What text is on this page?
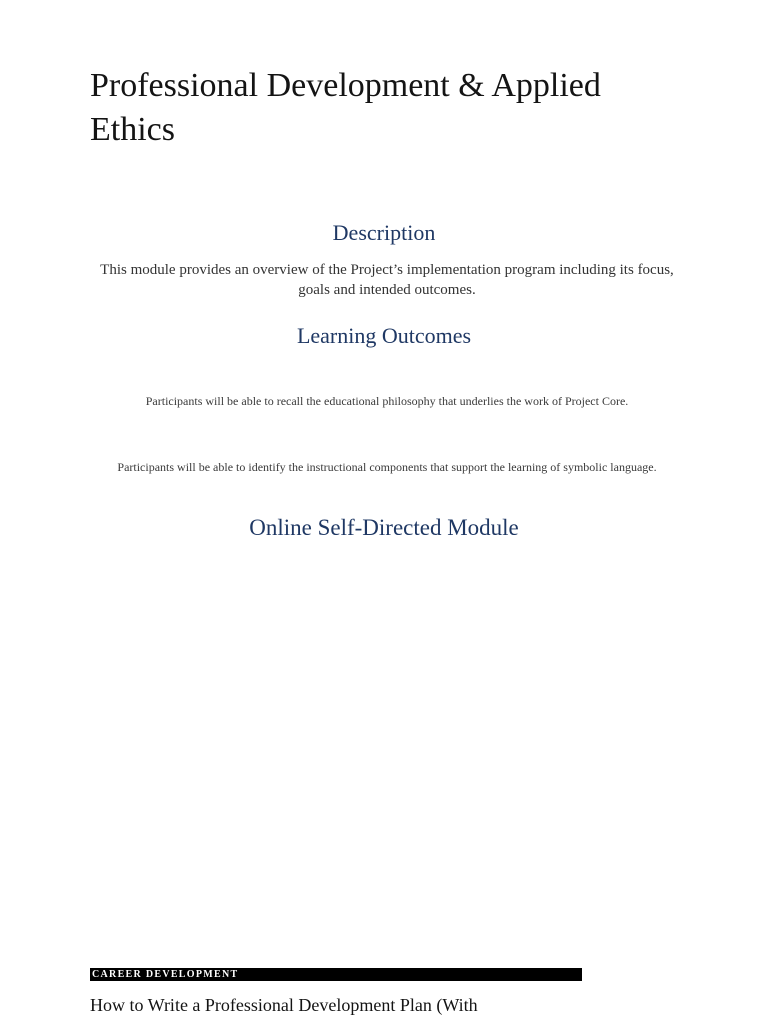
Professional Development & Applied Ethics
Description

This module provides an overview of the Project’s implementation program including its focus, goals and intended outcomes.

Learning Outcomes

Participants will be able to recall the educational philosophy that underlies the work of Project Core.

Participants will be able to identify the instructional components that support the learning of symbolic language.

Online Self-Directed Module
CAREER DEVELOPMENT
How to Write a Professional Development Plan (With
